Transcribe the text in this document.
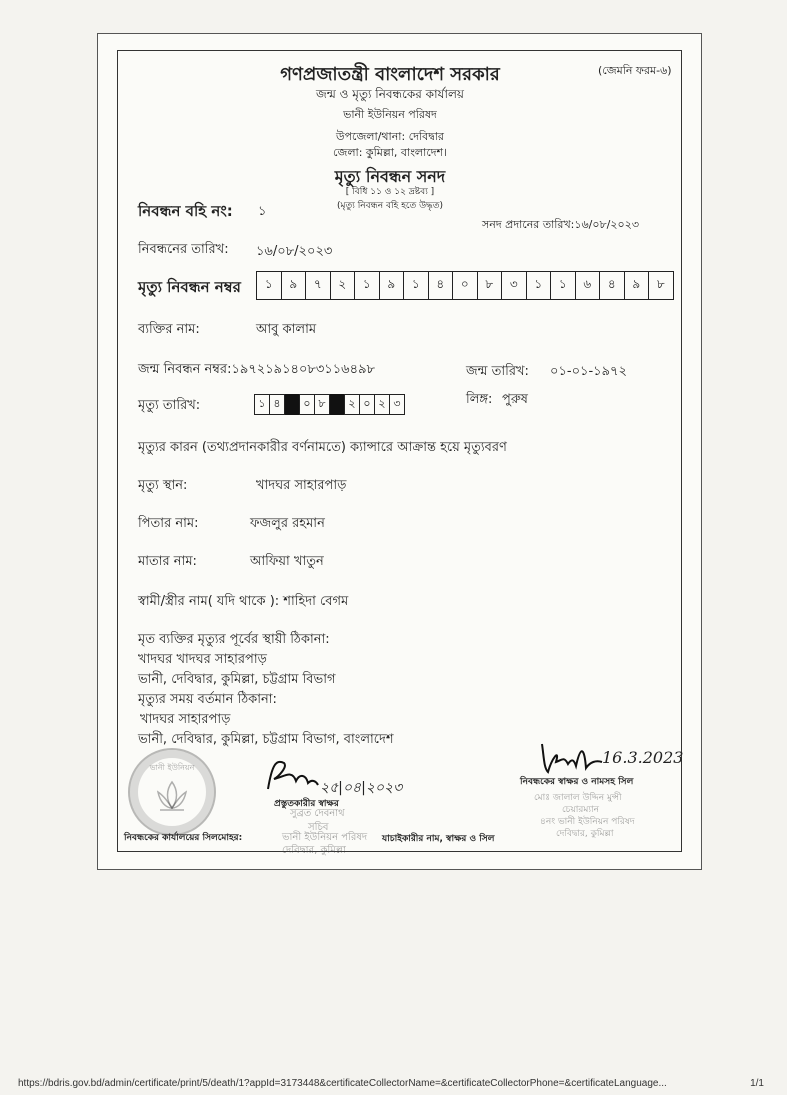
গণপ্রজাতন্ত্রী বাংলাদেশ সরকার	(জেমনি ফরম-৬)
জন্ম ও মৃত্যু নিবন্ধকের কার্যালয়
ভানী ইউনিয়ন পরিষদ
উপজেলা/থানা: দেবিদ্বার
জেলা: কুমিল্লা, বাংলাদেশ।
মৃত্যু নিবন্ধন সনদ
[ বিধি ১১ ও ১২ দ্রষ্টব্য ]
(মৃত্যু নিবন্ধন বহি হতে উদ্ধৃত)
নিবন্ধন বহি নং: ১
সনদ প্রদানের তারিখ:১৬/০৮/২০২৩
নিবন্ধনের তারিখ: ১৬/০৮/২০২৩
মৃত্যু নিবন্ধন নম্বর	১	৯	৭	২	১	৯	১	৪	০	৮	৩	১	১	৬	৪	৯	৮
ব্যক্তির নাম:	আবু কালাম
জন্ম নিবন্ধন নম্বর:১৯৭২১৯১৪০৮৩১১৬৪৯৮	জন্ম তারিখ: ০১-০১-১৯৭২
মৃত্যু তারিখ:	১ ৪	০ ৮	২ ০ ২ ৩	লিঙ্গ: পুরুষ
মৃত্যুর কারন (তথ্যপ্রদানকারীর বর্ণনামতে) ক্যান্সারে আক্রান্ত হয়ে মৃত্যুবরণ
মৃত্যু স্থান:	খাদঘর সাহারপাড়
পিতার নাম:	ফজলুর রহমান
মাতার নাম:	আফিয়া খাতুন
স্বামী/স্ত্রীর নাম( যদি থাকে ): শাহিদা বেগম
মৃত ব্যক্তির মৃত্যুর পূর্বের স্থায়ী ঠিকানা:
খাদঘর খাদঘর সাহারপাড়
ভানী, দেবিদ্বার, কুমিল্লা, চট্টগ্রাম বিভাগ
মৃত্যুর সময় বর্তমান ঠিকানা:
খাদঘর সাহারপাড়
ভানী, দেবিদ্বার, কুমিল্লা, চট্টগ্রাম বিভাগ, বাংলাদেশ
ভানী ইউনিয়ন
২৫|০৪|২০২৩
প্রস্তুতকারীর স্বাক্ষর
সুব্রত দেবনাথ
সচিব
নিবন্ধকের কার্যালয়ের সিলমোহর:	ভানী ইউনিয়ন পরিষদ
দেবিদ্বার, কুমিল্লা
যাচাইকারীর নাম, স্বাক্ষর ও সিল
16.3.2023
নিবন্ধকের স্বাক্ষর ও নামসহ সিল
মোঃ জালাল উদ্দিন মুন্সী
চেয়ারম্যান
৪নং ভানী ইউনিয়ন পরিষদ
দেবিদ্বার, কুমিল্লা
https://bdris.gov.bd/admin/certificate/print/5/death/1?appId=3173448&certificateCollectorName=&certificateCollectorPhone=&certificateLanguage...	1/1
